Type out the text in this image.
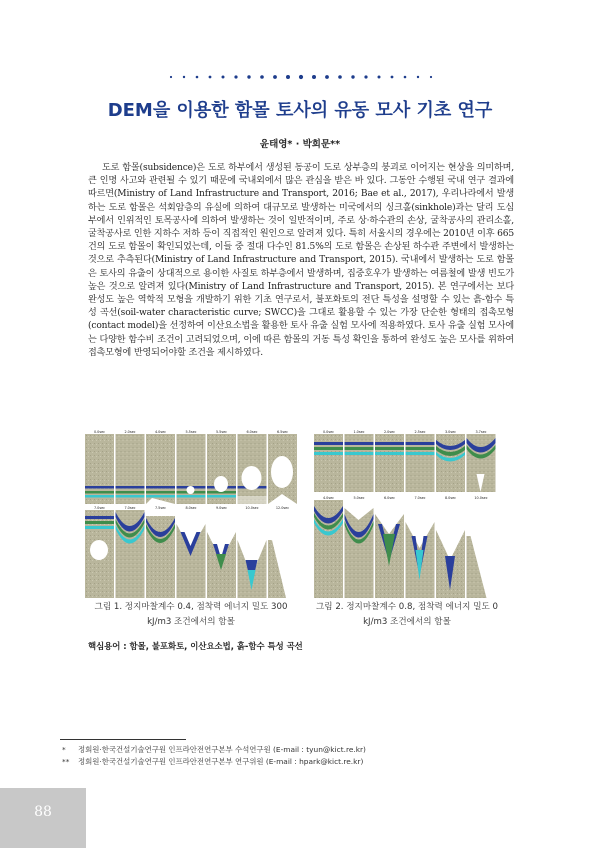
DEM을 이용한 함몰 토사의 유동 모사 기초 연구
윤태영* · 박희문**
도로 함몰(subsidence)은 도로 하부에서 생성된 동공이 도로 상부층의 붕괴로 이어지는 현상을 의미하며, 큰 인명 사고와 관련될 수 있기 때문에 국내외에서 많은 관심을 받은 바 있다. 그동안 수행된 국내 연구 결과에 따르면(Ministry of Land Infrastructure and Transport, 2016; Bae et al., 2017), 우리나라에서 발생하는 도로 함몰은 석회암층의 유실에 의하여 대규모로 발생하는 미국에서의 싱크홀(sinkhole)과는 달리 도심부에서 인위적인 토목공사에 의하여 발생하는 것이 일반적이며, 주로 상·하수관의 손상, 굴착공사의 관리소홀, 굴착공사로 인한 지하수 저하 등이 직접적인 원인으로 알려져 있다. 특히 서울시의 경우에는 2010년 이후 665건의 도로 함몰이 확인되었는데, 이들 중 절대 다수인 81.5%의 도로 함몰은 손상된 하수관 주변에서 발생하는 것으로 추측된다(Ministry of Land Infrastructure and Transport, 2015). 국내에서 발생하는 도로 함몰은 토사의 유출이 상대적으로 용이한 사질토 하부층에서 발생하며, 집중호우가 발생하는 여름철에 발생 빈도가 높은 것으로 알려져 있다(Ministry of Land Infrastructure and Transport, 2015). 본 연구에서는 보다 완성도 높은 역학적 모형을 개발하기 위한 기초 연구로서, 불포화토의 전단 특성을 설명할 수 있는 흙-함수 특성 곡선(soil-water characteristic curve; SWCC)을 그대로 활용할 수 있는 가장 단순한 형태의 접촉모형(contact model)을 선정하여 이산요소법을 활용한 토사 유출 실험 모사에 적용하였다. 토사 유출 실험 모사에는 다양한 함수비 조건이 고려되었으며, 이에 따른 함몰의 거동 특성 확인을 통하여 완성도 높은 모사를 위하여 접촉모형에 반영되어야할 조건을 제시하였다.
0.0sec	2.0sec	4.0sec	5.5sec	5.5sec	6.0sec	6.5sec
7.0sec	7.0sec	7.5sec	8.0sec	9.0sec	10.0sec	12.0sec
0.0sec	1.0sec	2.0sec	2.5sec	3.0sec	3.7sec
4.0sec	5.0sec	6.0sec	7.0sec	8.0sec	10.0sec
그림 1. 정지마찰계수 0.4, 점착력 에너지 밀도 300 kJ/m3 조건에서의 함몰
그림 2. 정지마찰계수 0.8, 점착력 에너지 밀도 0 kJ/m3 조건에서의 함몰
핵심용어 : 함몰, 불포화토, 이산요소법, 흙-함수 특성 곡선
* 정회원·한국건설기술연구원 인프라안전연구본부 수석연구원 (E-mail : tyun@kict.re.kr)
** 정회원·한국건설기술연구원 인프라안전연구본부 연구위원 (E-mail : hpark@kict.re.kr)
88
